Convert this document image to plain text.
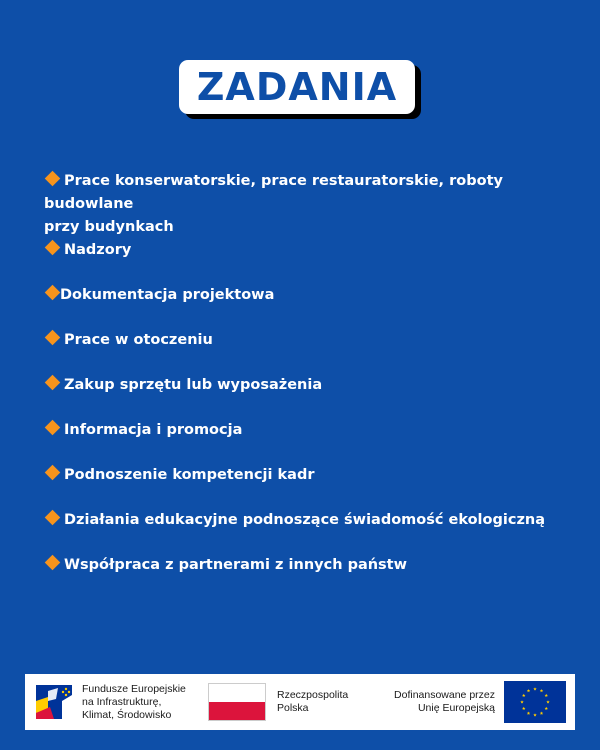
ZADANIA
Prace konserwatorskie, prace restauratorskie, roboty budowlane
przy budynkach
Nadzory
Dokumentacja projektowa
Prace w otoczeniu
Zakup sprzętu lub wyposażenia
Informacja i promocja
Podnoszenie kompetencji kadr
Działania edukacyjne podnoszące świadomość ekologiczną
Współpraca z partnerami z innych państw
Fundusze Europejskie
na Infrastrukturę,
Klimat, Środowisko
Rzeczpospolita
Polska
Dofinansowane przez
Unię Europejską
